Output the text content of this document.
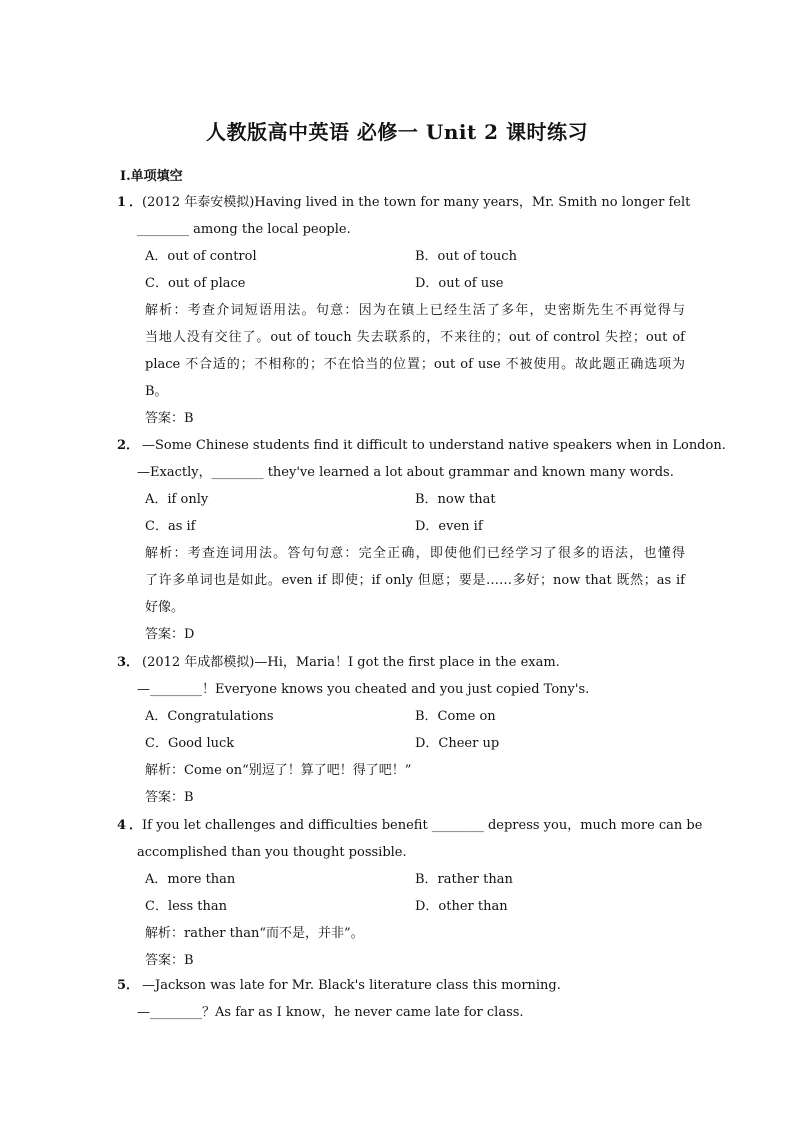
人教版高中英语 必修一 Unit 2 课时练习
Ⅰ.单项填空
1．(2012 年泰安模拟)Having lived in the town for many years，Mr. Smith no longer felt
________ among the local people.
A．out of control	B．out of touch
C．out of place	D．out of use
解析：考查介词短语用法。句意：因为在镇上已经生活了多年，史密斯先生不再觉得与
当地人没有交往了。out of touch 失去联系的，不来往的；out of control 失控；out of
place 不合适的；不相称的；不在恰当的位置；out of use 不被使用。故此题正确选项为
B。
答案：B
2． —Some Chinese students find it difficult to understand native speakers when in London.
—Exactly，________ they've learned a lot about grammar and known many words.
A．if only	B．now that
C．as if	D．even if
解析：考查连词用法。答句句意：完全正确，即使他们已经学习了很多的语法，也懂得
了许多单词也是如此。even if 即使；if only 但愿；要是……多好；now that 既然；as if
好像。
答案：D
3． (2012 年成都模拟)—Hi，Maria！I got the first place in the exam.
—________！Everyone knows you cheated and you just copied Tony's.
A．Congratulations	B．Come on
C．Good luck	D．Cheer up
解析：Come on“别逗了！算了吧！得了吧！”
答案：B
4．If you let challenges and difficulties benefit ________ depress you，much more can be
accomplished than you thought possible.
A．more than	B．rather than
C．less than	D．other than
解析：rather than“而不是，并非”。
答案：B
5． —Jackson was late for Mr. Black's literature class this morning.
—________？As far as I know，he never came late for class.
